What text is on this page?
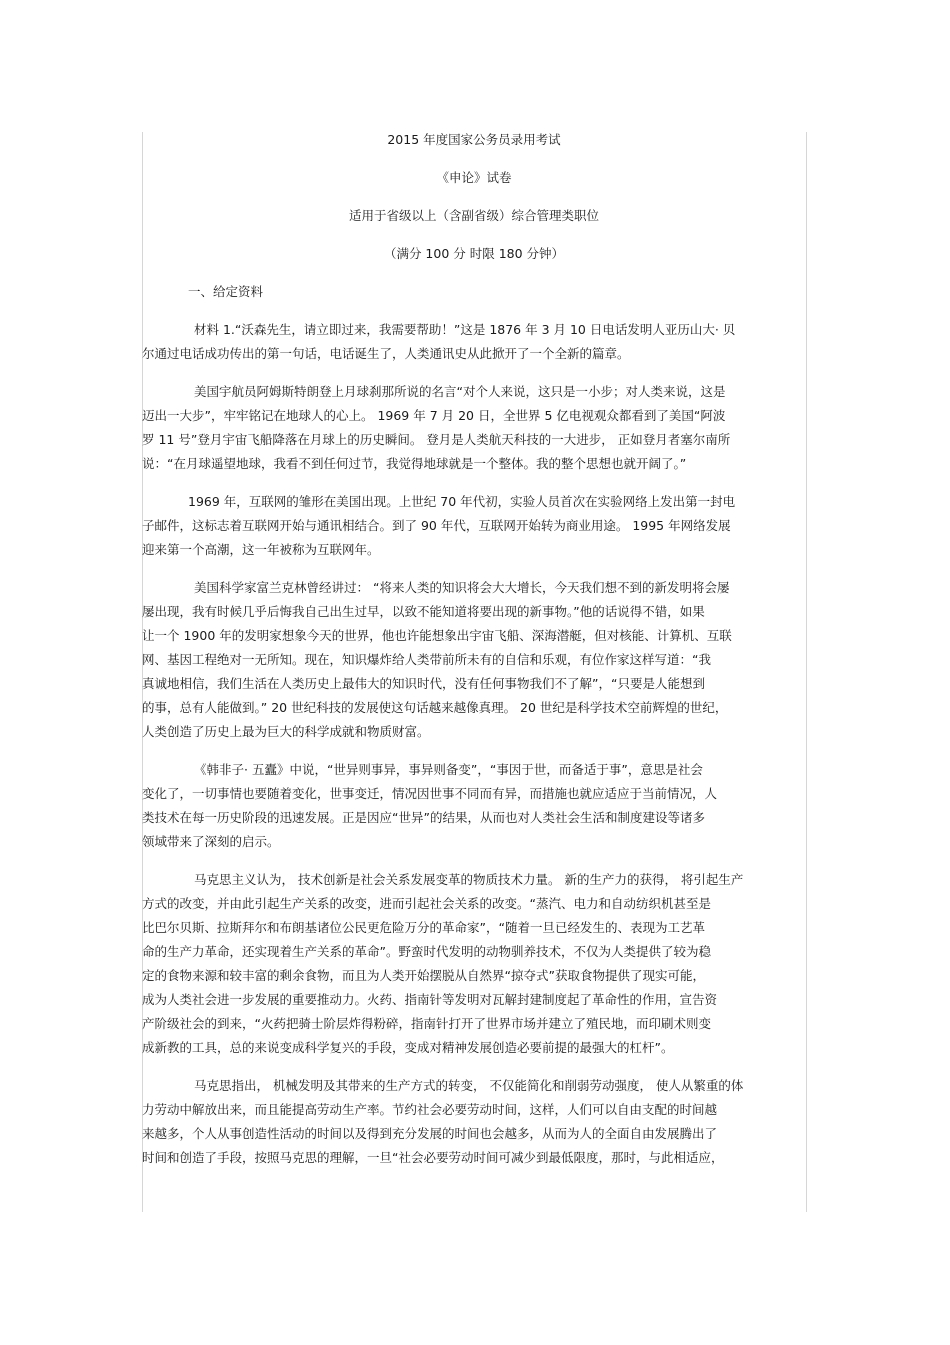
2015 年度国家公务员录用考试
《申论》试卷
适用于省级以上（含副省级）综合管理类职位
（满分 100 分 时限 180 分钟）
一、给定资料
材料 1.“沃森先生，请立即过来，我需要帮助！”这是 1876 年 3 月 10 日电话发明人亚历山大· 贝
尔通过电话成功传出的第一句话，电话诞生了，人类通讯史从此掀开了一个全新的篇章。
美国宇航员阿姆斯特朗登上月球刹那所说的名言“对个人来说，这只是一小步；对人类来说，这是
迈出一大步”，牢牢铭记在地球人的心上。 1969 年 7 月 20 日，全世界 5 亿电视观众都看到了美国“阿波
罗 11 号”登月宇宙飞船降落在月球上的历史瞬间。 登月是人类航天科技的一大进步， 正如登月者塞尔南所
说：“在月球遥望地球，我看不到任何过节，我觉得地球就是一个整体。我的整个思想也就开阔了。”
1969 年，互联网的雏形在美国出现。上世纪 70 年代初，实验人员首次在实验网络上发出第一封电
子邮件，这标志着互联网开始与通讯相结合。到了 90 年代，互联网开始转为商业用途。 1995 年网络发展
迎来第一个高潮，这一年被称为互联网年。
美国科学家富兰克林曾经讲过： “将来人类的知识将会大大增长，今天我们想不到的新发明将会屡
屡出现，我有时候几乎后悔我自己出生过早，以致不能知道将要出现的新事物。”他的话说得不错，如果
让一个 1900 年的发明家想象今天的世界，他也许能想象出宇宙飞船、深海潜艇，但对核能、计算机、互联
网、基因工程绝对一无所知。现在，知识爆炸给人类带前所未有的自信和乐观，有位作家这样写道：“我
真诚地相信，我们生活在人类历史上最伟大的知识时代，没有任何事物我们不了解”，“只要是人能想到
的事，总有人能做到。” 20 世纪科技的发展使这句话越来越像真理。 20 世纪是科学技术空前辉煌的世纪，
人类创造了历史上最为巨大的科学成就和物质财富。
《韩非子· 五蠹》中说，“世异则事异，事异则备变”，“事因于世，而备适于事”，意思是社会
变化了，一切事情也要随着变化，世事变迁，情况因世事不同而有异，而措施也就应适应于当前情况，人
类技术在每一历史阶段的迅速发展。正是因应“世异”的结果，从而也对人类社会生活和制度建设等诸多
领域带来了深刻的启示。
马克思主义认为， 技术创新是社会关系发展变革的物质技术力量。 新的生产力的获得， 将引起生产
方式的改变，并由此引起生产关系的改变，进而引起社会关系的改变。“蒸汽、电力和自动纺织机甚至是
比巴尔贝斯、拉斯拜尔和布朗基诸位公民更危险万分的革命家”，“随着一旦已经发生的、表现为工艺革
命的生产力革命，还实现着生产关系的革命”。野蛮时代发明的动物驯养技术，不仅为人类提供了较为稳
定的食物来源和较丰富的剩余食物，而且为人类开始摆脱从自然界“掠夺式”获取食物提供了现实可能，
成为人类社会进一步发展的重要推动力。火药、指南针等发明对瓦解封建制度起了革命性的作用，宣告资
产阶级社会的到来，“火药把骑士阶层炸得粉碎，指南针打开了世界市场并建立了殖民地，而印刷术则变
成新教的工具，总的来说变成科学复兴的手段，变成对精神发展创造必要前提的最强大的杠杆”。
马克思指出， 机械发明及其带来的生产方式的转变， 不仅能简化和削弱劳动强度， 使人从繁重的体
力劳动中解放出来，而且能提高劳动生产率。节约社会必要劳动时间，这样，人们可以自由支配的时间越
来越多，个人从事创造性活动的时间以及得到充分发展的时间也会越多，从而为人的全面自由发展腾出了
时间和创造了手段，按照马克思的理解，一旦“社会必要劳动时间可减少到最低限度，那时，与此相适应，
